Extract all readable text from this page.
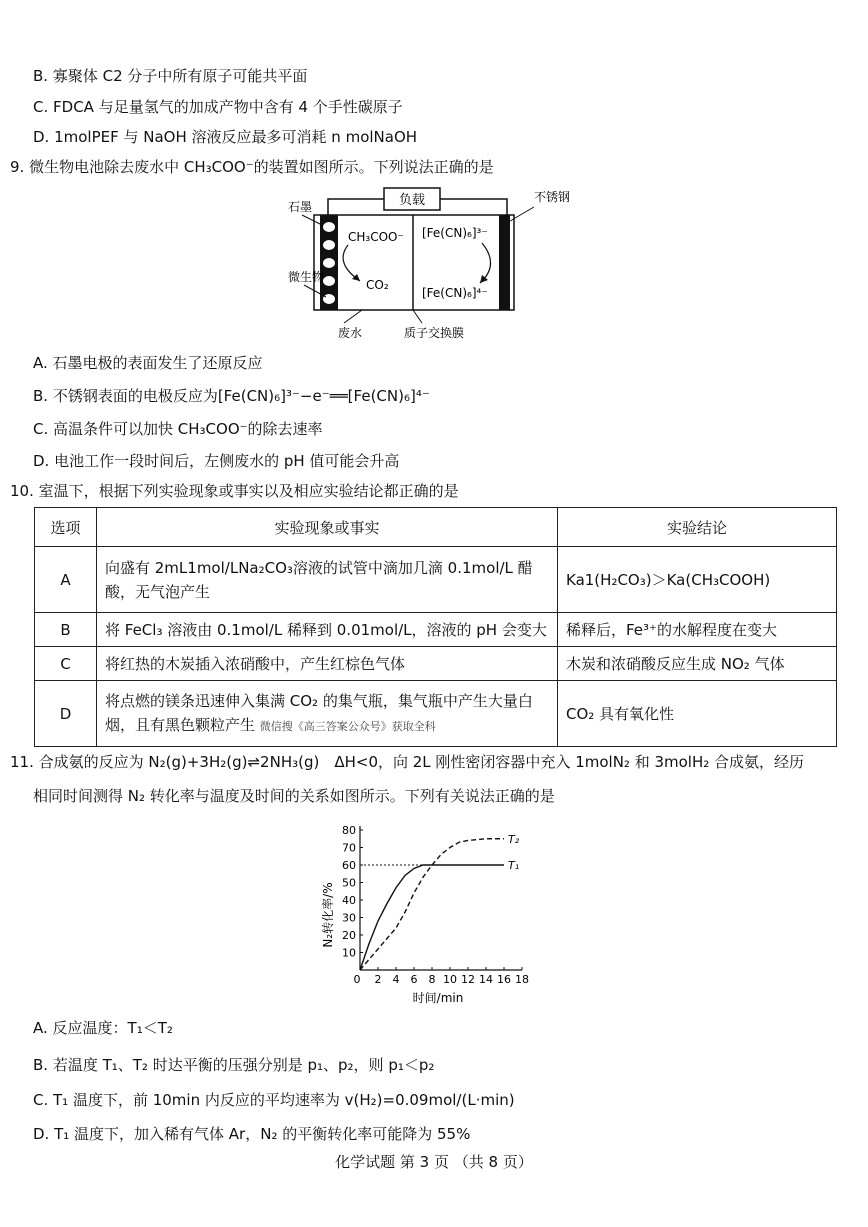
B. 寡聚体 C2 分子中所有原子可能共平面
C. FDCA 与足量氢气的加成产物中含有 4 个手性碳原子
D. 1molPEF 与 NaOH 溶液反应最多可消耗 n molNaOH
9. 微生物电池除去废水中 CH₃COO⁻的装置如图所示。下列说法正确的是
负载
石墨
微生物
不锈钢
CH₃COO⁻
CO₂
[Fe(CN)₆]³⁻
[Fe(CN)₆]⁴⁻
废水	质子交换膜
A. 石墨电极的表面发生了还原反应
B. 不锈钢表面的电极反应为[Fe(CN)₆]³⁻−e⁻══[Fe(CN)₆]⁴⁻
C. 高温条件可以加快 CH₃COO⁻的除去速率
D. 电池工作一段时间后，左侧废水的 pH 值可能会升高
10. 室温下，根据下列实验现象或事实以及相应实验结论都正确的是
选项	实验现象或事实	实验结论
A	向盛有 2mL1mol/LNa₂CO₃溶液的试管中滴加几滴 0.1mol/L 醋酸，无气泡产生	Ka1(H₂CO₃)＞Ka(CH₃COOH)
B	将 FeCl₃ 溶液由 0.1mol/L 稀释到 0.01mol/L，溶液的 pH 会变大	稀释后，Fe³⁺的水解程度在变大
C	将红热的木炭插入浓硝酸中，产生红棕色气体	木炭和浓硝酸反应生成 NO₂ 气体
D	将点燃的镁条迅速伸入集满 CO₂ 的集气瓶，集气瓶中产生大量白烟，且有黑色颗粒产生 微信搜《高三答案公众号》获取全科	CO₂ 具有氧化性
11. 合成氨的反应为 N₂(g)+3H₂(g)⇌2NH₃(g)　ΔH<0，向 2L 刚性密闭容器中充入 1molN₂ 和 3molH₂ 合成氨，经历
相同时间测得 N₂ 转化率与温度及时间的关系如图所示。下列有关说法正确的是
2 4 6 8 10 12 14 16 18
0
10
20
30
40
50
60
70
80
T₁
T₂
N₂转化率/%
时间/min
A. 反应温度：T₁＜T₂
B. 若温度 T₁、T₂ 时达平衡的压强分别是 p₁、p₂，则 p₁＜p₂
C. T₁ 温度下，前 10min 内反应的平均速率为 v(H₂)=0.09mol/(L·min)
D. T₁ 温度下，加入稀有气体 Ar，N₂ 的平衡转化率可能降为 55%
化学试题 第 3 页 （共 8 页）
